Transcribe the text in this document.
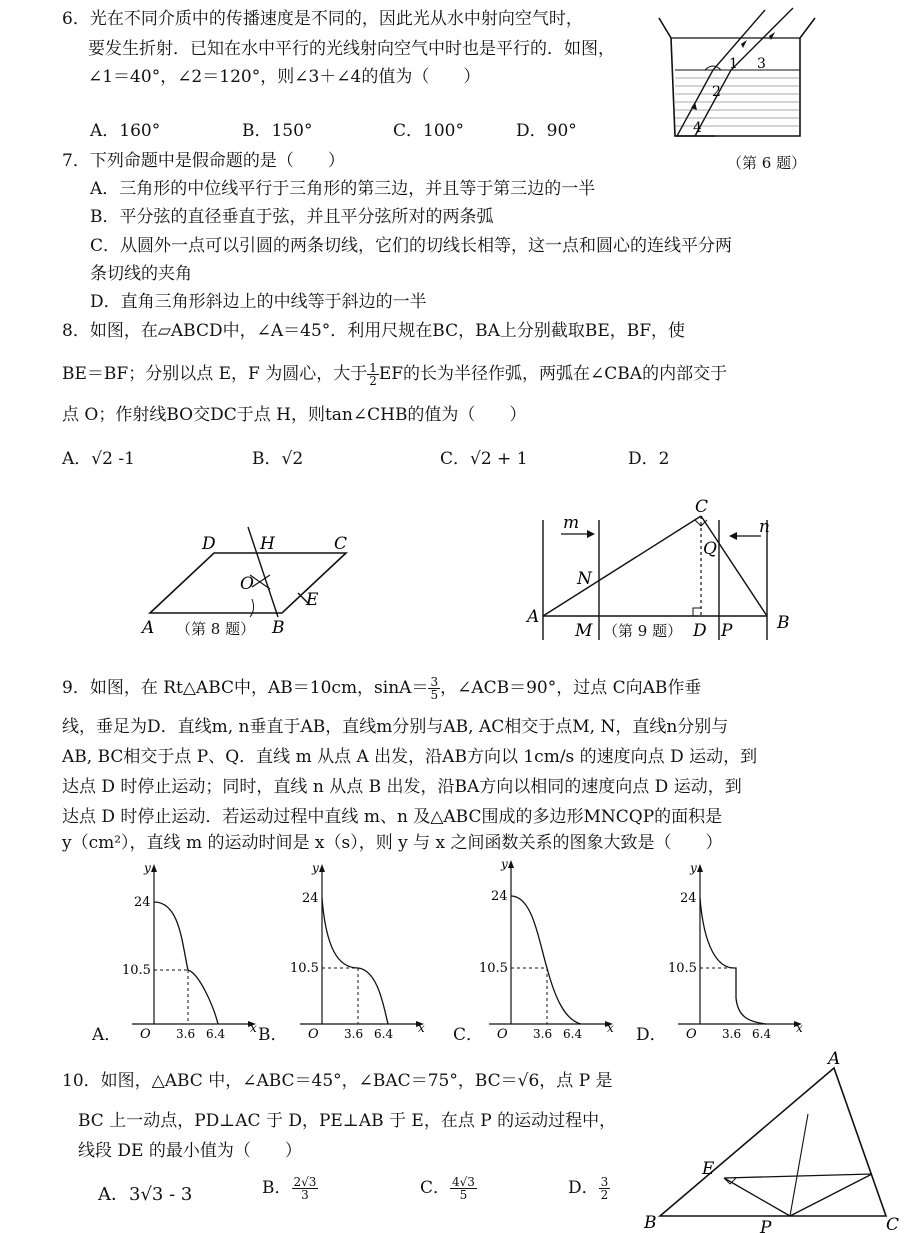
6．光在不同介质中的传播速度是不同的，因此光从水中射向空气时，
要发生折射．已知在水中平行的光线射向空气中时也是平行的．如图，
∠1＝40°，∠2＝120°，则∠3＋∠4的值为（　　）
A．160°	B．150°	C．100°	D．90°
1
2
3
4
（第 6 题）
7．下列命题中是假命题的是（　　）
A．三角形的中位线平行于三角形的第三边，并且等于第三边的一半
B．平分弦的直径垂直于弦，并且平分弦所对的两条弧
C．从圆外一点可以引圆的两条切线，它们的切线长相等，这一点和圆心的连线平分两
条切线的夹角
D．直角三角形斜边上的中线等于斜边的一半
8．如图，在▱ABCD中，∠A＝45°．利用尺规在BC，BA上分别截取BE，BF，使
BE＝BF；分别以点 E，F 为圆心，大于 $\frac{1}{2}$ EF的长为半径作弧，两弧在∠CBA的内部交于
点 O；作射线BO交DC于点 H，则tan∠CHB的值为（　　）
A．√2 -1	B．√2	C．√2 + 1	D．2
D	H	C
O
E
A	B
（第 8 题）
C
m	n
N
Q
A
M	D P	B
（第 9 题）
9．如图，在 Rt△ABC中，AB＝10cm，$\sin A= \frac{3}{5}$ ，∠ACB＝90°，过点 C向AB作垂
线，垂足为D．直线m, n垂直于AB，直线m分别与AB, AC相交于点M, N，直线n分别与
AB, BC相交于点 P、Q．直线 m 从点 A 出发，沿AB方向以 1cm/s 的速度向点 D 运动，到
达点 D 时停止运动；同时，直线 n 从点 B 出发，沿BA方向以相同的速度向点 D 运动，到
达点 D 时停止运动．若运动过程中直线 m、n 及△ABC围成的多边形MNCQP的面积是
y（cm²），直线 m 的运动时间是 x（s），则 y 与 x 之间函数关系的图象大致是（　　）
A．	B．	C．	D．
y
x
O
24
10.5
3.6 6.4
y
x
O
24
10.5
3.6 6.4
y
x
O
24
10.5
3.6 6.4
y
x
O
24
10.5
3.6 6.4
10．如图，△ABC 中，∠ABC＝45°，∠BAC＝75°，BC＝√6，点 P 是
BC 上一动点，PD⊥AC 于 D，PE⊥AB 于 E，在点 P 的运动过程中，
线段 DE 的最小值为（　　）
A．3√3 - 3	B． $\frac{2√3}{3}$	C． $\frac{4√3}{5}$	D． $\frac{3}{2}$
A
E
B	P	C
